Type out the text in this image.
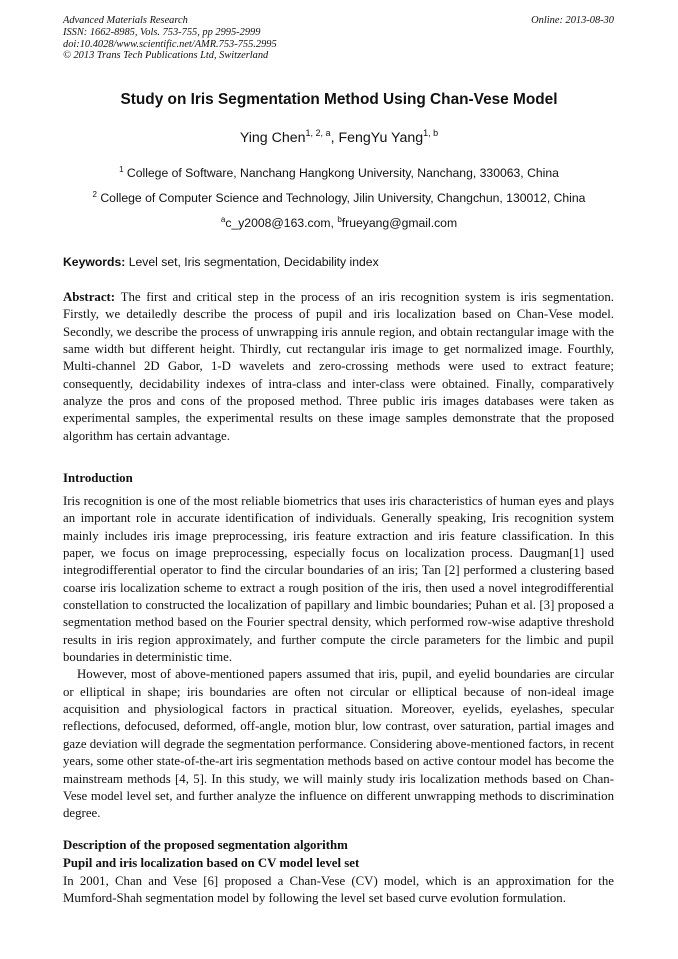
Advanced Materials Research
ISSN: 1662-8985, Vols. 753-755, pp 2995-2999
doi:10.4028/www.scientific.net/AMR.753-755.2995
© 2013 Trans Tech Publications Ltd, Switzerland
Online: 2013-08-30
Study on Iris Segmentation Method Using Chan-Vese Model
Ying Chen$^{1, 2, a}$, FengYu Yang$^{1, b}$
$^1$ College of Software, Nanchang Hangkong University, Nanchang, 330063, China
$^2$ College of Computer Science and Technology, Jilin University, Changchun, 130012, China
$^a$c_y2008@163.com, $^b$frueyang@gmail.com
Keywords: Level set, Iris segmentation, Decidability index

Abstract: The first and critical step in the process of an iris recognition system is iris segmentation. Firstly, we detailedly describe the process of pupil and iris localization based on Chan-Vese model. Secondly, we describe the process of unwrapping iris annule region, and obtain rectangular image with the same width but different height. Thirdly, cut rectangular iris image to get normalized image. Fourthly, Multi-channel 2D Gabor, 1-D wavelets and zero-crossing methods were used to extract feature; consequently, decidability indexes of intra-class and inter-class were obtained. Finally, comparatively analyze the pros and cons of the proposed method. Three public iris images databases were taken as experimental samples, the experimental results on these image samples demonstrate that the proposed algorithm has certain advantage.

Introduction

Iris recognition is one of the most reliable biometrics that uses iris characteristics of human eyes and plays an important role in accurate identification of individuals. Generally speaking, Iris recognition system mainly includes iris image preprocessing, iris feature extraction and iris feature classification. In this paper, we focus on image preprocessing, especially focus on localization process. Daugman[1] used integrodifferential operator to find the circular boundaries of an iris; Tan [2] performed a clustering based coarse iris localization scheme to extract a rough position of the iris, then used a novel integrodifferential constellation to constructed the localization of papillary and limbic boundaries; Puhan et al. [3] proposed a segmentation method based on the Fourier spectral density, which performed row-wise adaptive threshold results in iris region approximately, and further compute the circle parameters for the limbic and pupil boundaries in deterministic time.

However, most of above-mentioned papers assumed that iris, pupil, and eyelid boundaries are circular or elliptical in shape; iris boundaries are often not circular or elliptical because of non-ideal image acquisition and physiological factors in practical situation. Moreover, eyelids, eyelashes, specular reflections, defocused, deformed, off-angle, motion blur, low contrast, over saturation, partial images and gaze deviation will degrade the segmentation performance. Considering above-mentioned factors, in recent years, some other state-of-the-art iris segmentation methods based on active contour model has become the mainstream methods [4, 5]. In this study, we will mainly study iris localization methods based on Chan-Vese model level set, and further analyze the influence on different unwrapping methods to discrimination degree.

Description of the proposed segmentation algorithm
Pupil and iris localization based on CV model level set

In 2001, Chan and Vese [6] proposed a Chan-Vese (CV) model, which is an approximation for the Mumford-Shah segmentation model by following the level set based curve evolution formulation.
